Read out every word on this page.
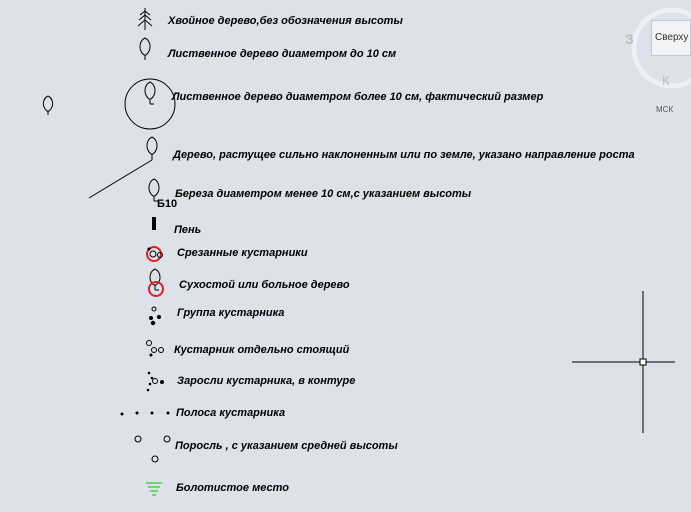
Хвойное дерево,без обозначения высоты

Лиственное дерево диаметром до 10 см

Лиственное дерево диаметром более 10 см, фактический размер

Дерево, растущее сильно наклоненным или по земле, указано направление роста

Береза диаметром менее 10 см,с указанием высоты

Б10

Пень

Срезанные кустарники

Сухостой или больное дерево

Группа кустарника

Кустарник отдельно стоящий

Заросли кустарника, в контуре

Полоса кустарника

Поросль , с указанием средней высоты

Болотистое место

З	Сверху
К
МСК
